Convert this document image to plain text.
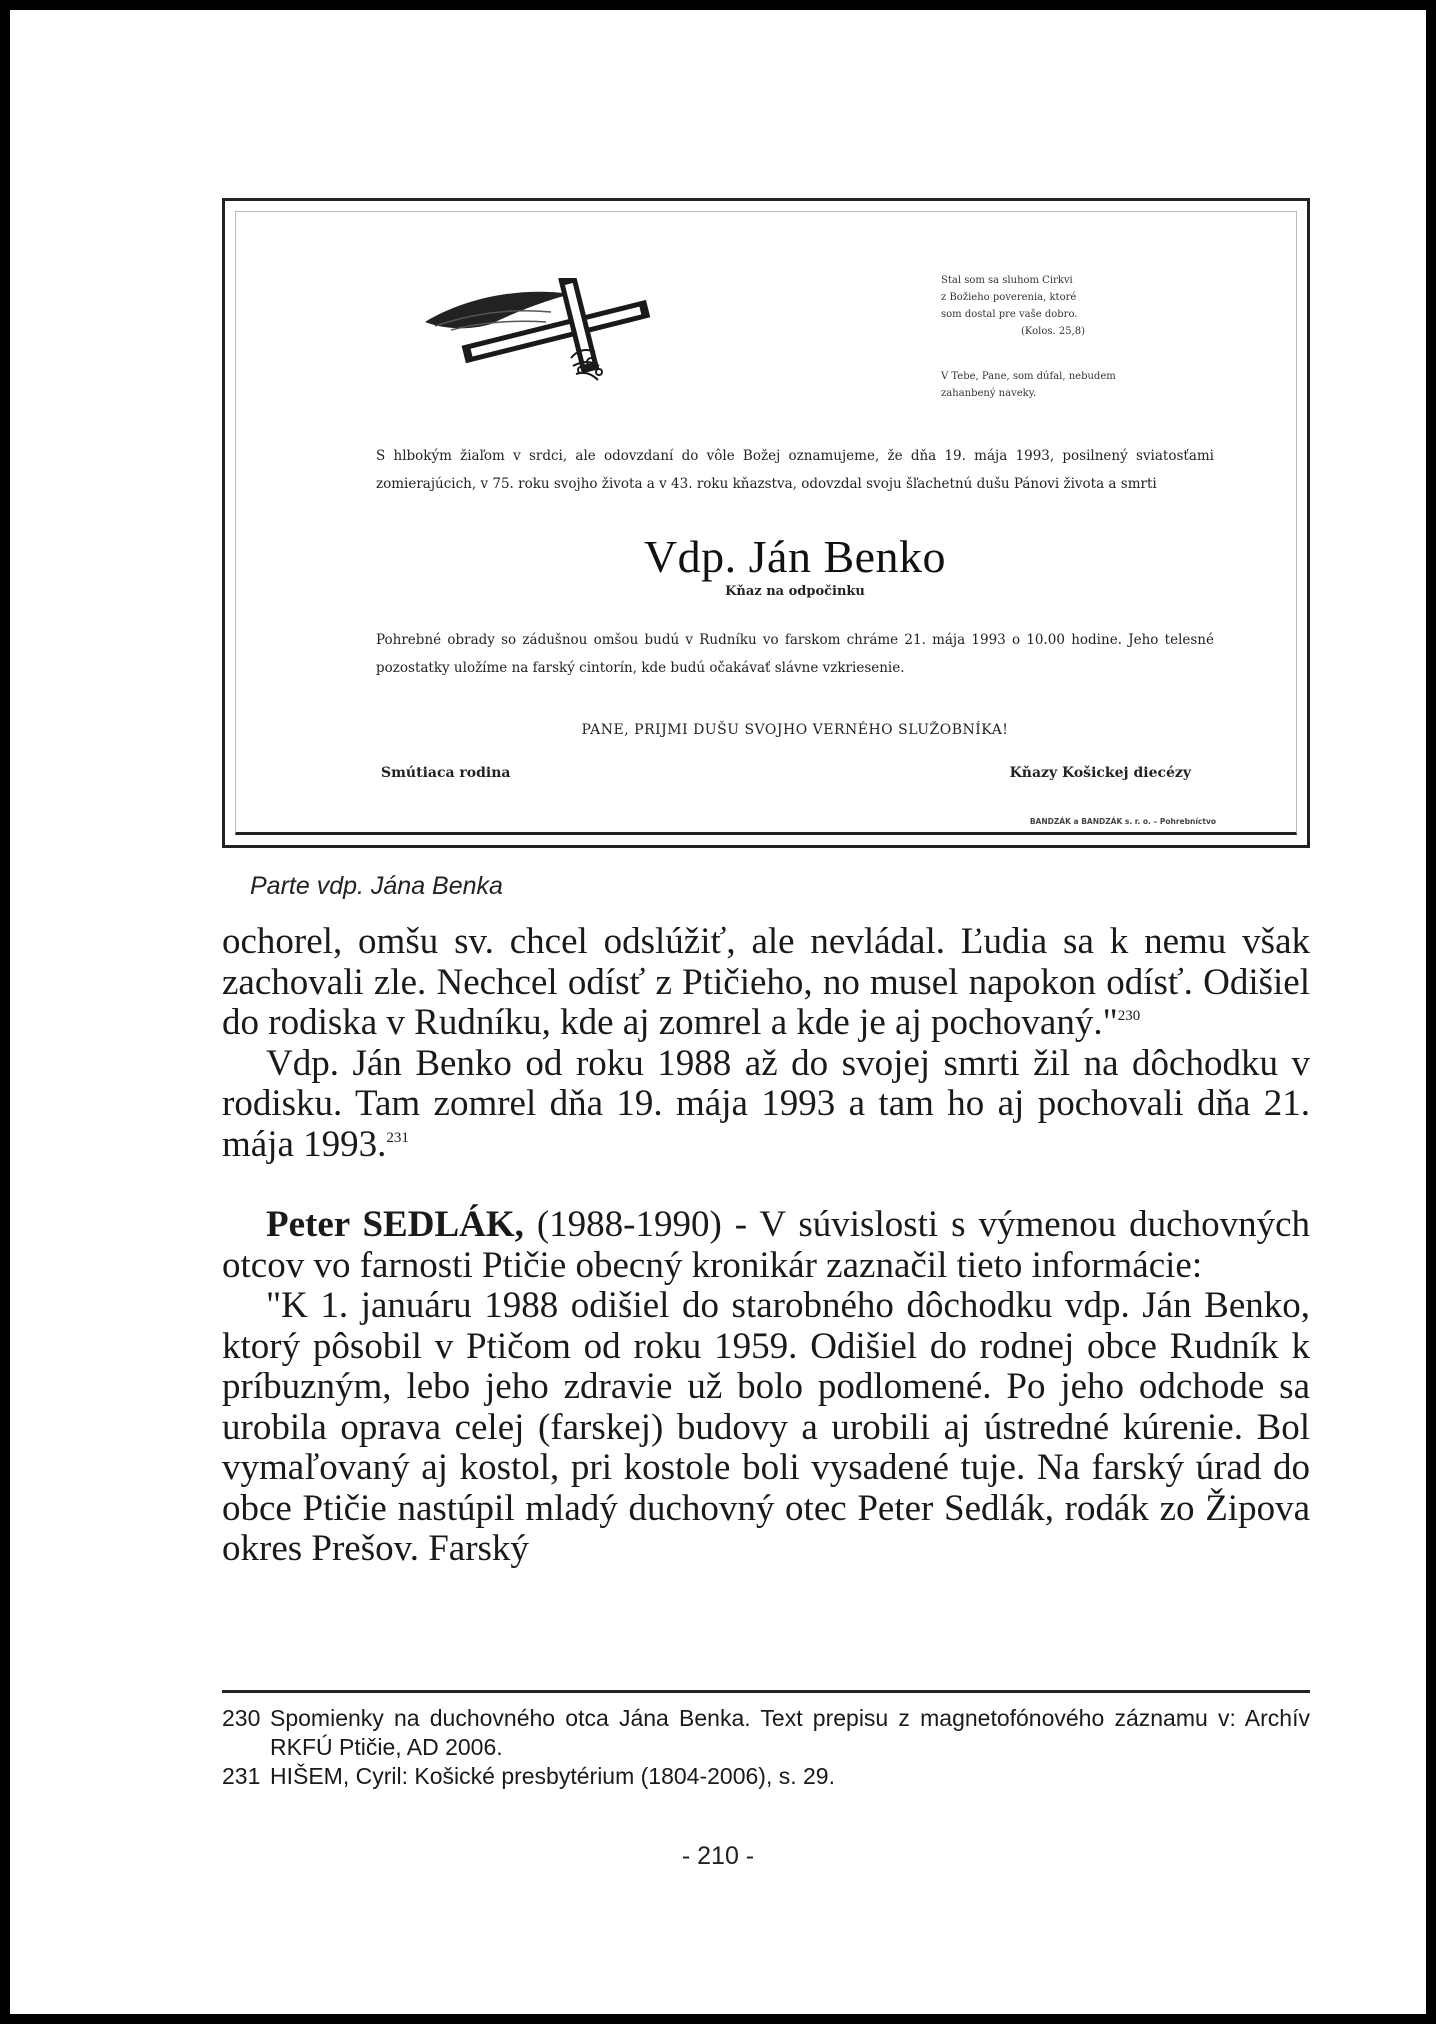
Stal som sa sluhom Cirkvi
z Božieho poverenia, ktoré
som dostal pre vaše dobro.
(Kolos. 25,8)
V Tebe, Pane, som dúfal, nebudem
zahanbený naveky.
S hlbokým žiaľom v srdci, ale odovzdaní do vôle Božej oznamujeme, že dňa 19. mája 1993, posilnený sviatosťami zomierajúcich, v 75. roku svojho života a v 43. roku kňazstva, odovzdal svoju šľachetnú dušu Pánovi života a smrti
Vdp. Ján Benko
Kňaz na odpočinku
Pohrebné obrady so zádušnou omšou budú v Rudníku vo farskom chráme 21. mája 1993 o 10.00 hodine. Jeho telesné pozostatky uložíme na farský cintorín, kde budú očakávať slávne vzkriesenie.
PANE, PRIJMI DUŠU SVOJHO VERNÉHO SLUŽOBNÍKA!
Smútiaca rodina	Kňazy Košickej diecézy
BANDZÁK a BANDZÁK s. r. o. – Pohrebníctvo
Parte vdp. Jána Benka

ochorel, omšu sv. chcel odslúžiť, ale nevládal. Ľudia sa k nemu však zachovali zle. Nechcel odísť z Ptičieho, no musel napokon odísť. Odišiel do rodiska v Rudníku, kde aj zomrel a kde je aj pochovaný."$^{230}$

Vdp. Ján Benko od roku 1988 až do svojej smrti žil na dôchodku v rodisku. Tam zomrel dňa 19. mája 1993 a tam ho aj pochovali dňa 21. mája 1993.$^{231}$

Peter SEDLÁK, (1988-1990) - V súvislosti s výmenou duchovných otcov vo farnosti Ptičie obecný kronikár zaznačil tieto informácie:

"K 1. januáru 1988 odišiel do starobného dôchodku vdp. Ján Benko, ktorý pôsobil v Ptičom od roku 1959. Odišiel do rodnej obce Rudník k príbuzným, lebo jeho zdravie už bolo podlomené. Po jeho odchode sa urobila oprava celej (farskej) budovy a urobili aj ústredné kúrenie. Bol vymaľovaný aj kostol, pri kostole boli vysadené tuje. Na farský úrad do obce Ptičie nastúpil mladý duchovný otec Peter Sedlák, rodák zo Žipova okres Prešov. Farský

230 Spomienky na duchovného otca Jána Benka. Text prepisu z magnetofónového záznamu v: Archív RKFÚ Ptičie, AD 2006.
231 HIŠEM, Cyril: Košické presbytérium (1804-2006), s. 29.
- 210 -
